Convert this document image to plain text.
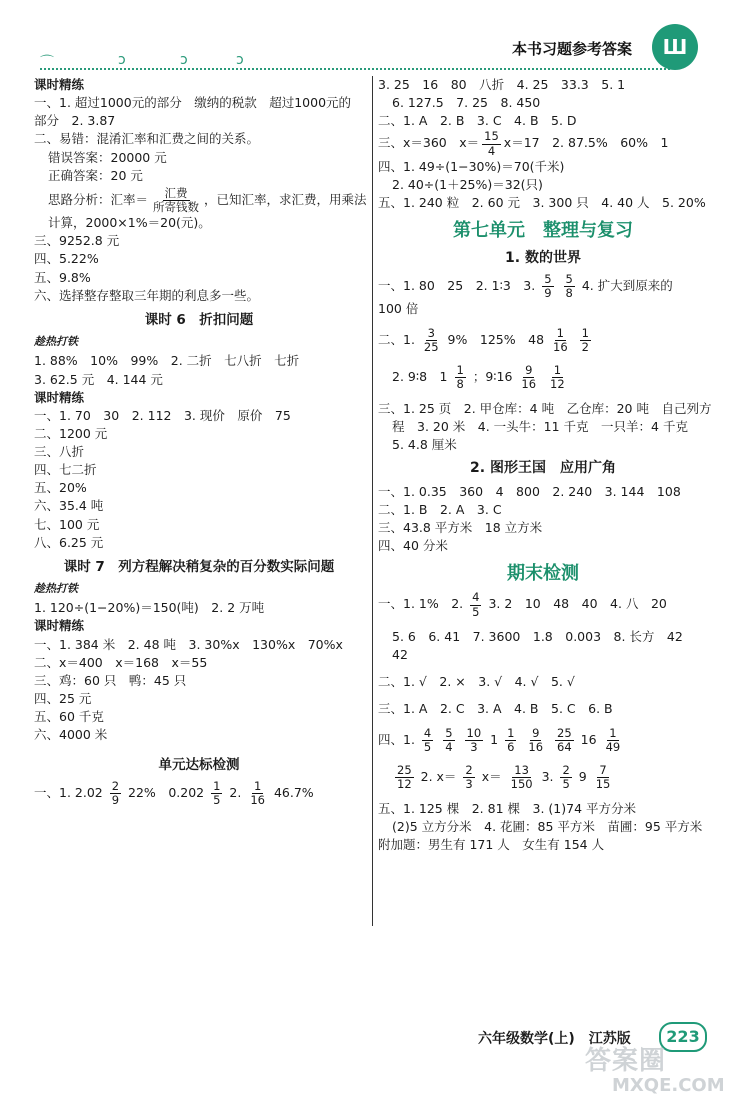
⌒	ↄ	ↄ	ↄ
本书习题参考答案 Ш
课时精练
一、1. 超过1000元的部分　缴纳的税款　超过1000元的
部分　2. 3.87
二、易错：混淆汇率和汇费之间的关系。
错误答案：20000 元
正确答案：20 元
思路分析：汇率＝ $\frac{\text{汇费}}{\text{所寄钱数}}$ ，已知汇率，求汇费，用乘法
计算，2000×1%＝20(元)。
三、9252.8 元
四、5.22%
五、9.8%
六、选择整存整取三年期的利息多一些。
课时 6　折扣问题
趁热打铁
1. 88%　10%　99%　2. 二折　七八折　七折
3. 62.5 元　4. 144 元
课时精练
一、1. 70　30　2. 112　3. 现价　原价　75
二、1200 元
三、八折
四、七二折
五、20%
六、35.4 吨
七、100 元
八、6.25 元
课时 7　列方程解决稍复杂的百分数实际问题
趁热打铁
1. 120÷(1−20%)＝150(吨)　2. 2 万吨
课时精练
一、1. 384 米　2. 48 吨　3. 30%x　130%x　70%x
二、x＝400　x＝168　x＝55
三、鸡：60 只　鸭：45 只
四、25 元
五、60 千克
六、4000 米
单元达标检测
一、1. $2.02 \frac{2}{9} 22\%$　$0.202 \frac{1}{5} 2$. $\frac{1}{16} 46.7\%$
3. 25　16　80　八折　4. 25　33.3　5. 1
6. 127.5　7. 25　8. 450
二、1. A　2. B　3. C　4. B　5. D
三、x＝360　$x= \frac{15}{4} x=17$　2. 87.5%　60%　1
四、1. 49÷(1−30%)＝70(千米)
2. 40÷(1＋25%)＝32(只)
五、1. 240 粒　2. 60 元　3. 300 只　4. 40 人　5. 20%
第七单元　整理与复习
1. 数的世界
一、1. 80　25　2. 1∶3　3. $\frac{5}{9}$
$\frac{5}{8} 4$. 扩大到原来的
100 倍
二、1. $\frac{3}{25} 9\%$　125%　$48 \frac{1}{16}$
$\frac{1}{2}$
2. 9∶8　$1 \frac{1}{8}$ ；9∶16 $\frac{9}{16}$
$\frac{1}{12}$
三、1. 25 页　2. 甲仓库：4 吨　乙仓库：20 吨　自己列方
程　3. 20 米　4. 一头牛：11 千克　一只羊：4 千克
5. 4.8 厘米
2. 图形王国　应用广角
一、1. 0.35　360　4　800　2. 240　3. 144　108
二、1. B　2. A　3. C
三、43.8 平方米　18 立方米
四、40 分米
期末检测
一、1. 1%　2. $\frac{4}{5} 3$. 2　10　48　40　4. 八　20
5. 6　6. 41　7. 3600　1.8　0.003　8. 长方　42
42
二、1. √　2. ×　3. √　4. √　5. √
三、1. A　2. C　3. A　4. B　5. C　6. B
四、1. $\frac{4}{5}$
$\frac{5}{4}$
$\frac{10}{3} 1 \frac{1}{6}$
$\frac{9}{16}$
$\frac{25}{64} 16 \frac{1}{49}$
$\frac{25}{12} 2$. $x= \frac{2}{3} x= \frac{13}{150} 3$. $\frac{2}{5} 9 \frac{7}{15}$
五、1. 125 棵　2. 81 棵　3. (1)74 平方分米
(2)5 立方分米　4. 花圃：85 平方米　苗圃：95 平方米
附加题：男生有 171 人　女生有 154 人
六年级数学(上)　江苏版	223
答案圈
MXQE.COM
